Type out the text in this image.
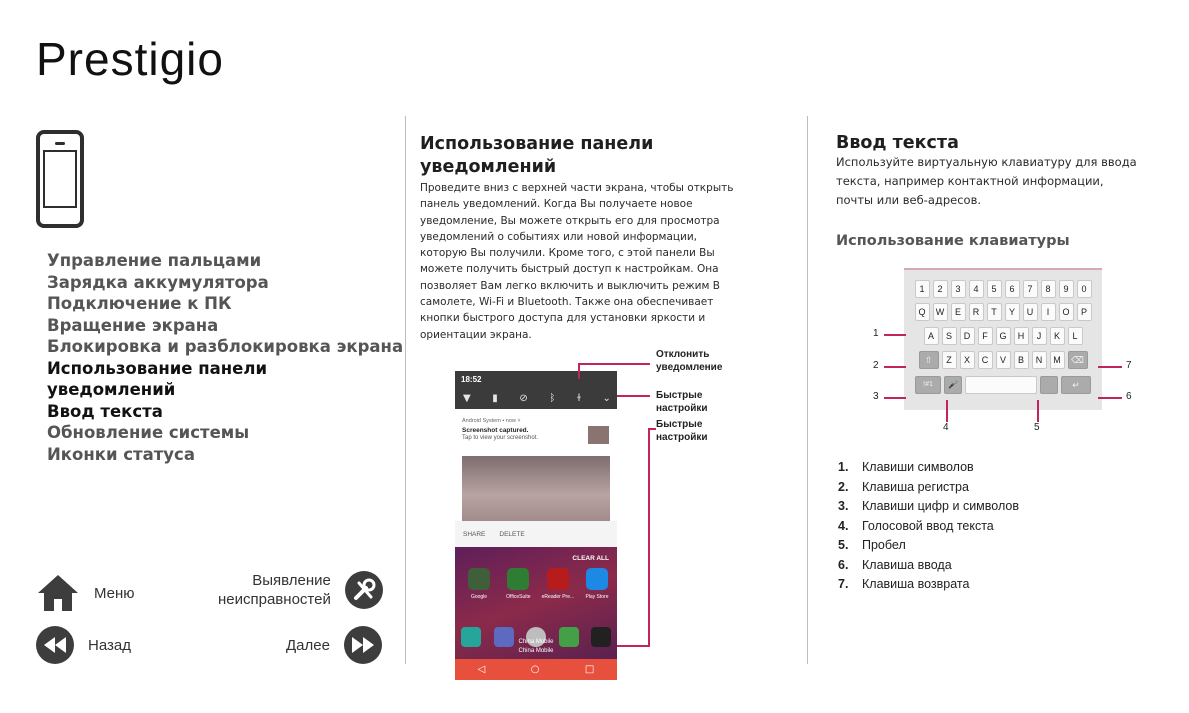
Prestigio
Управление пальцами
Зарядка аккумулятора
Подключение к ПК
Вращение экрана
Блокировка и разблокировка экрана
Использование панели
уведомлений
Ввод текста
Обновление системы
Иконки статуса
Меню
Выявление
неисправностей
Назад	Далее
Использование панели
уведомлений
Проведите вниз с верхней части экрана, чтобы открыть
панель уведомлений. Когда Вы получаете новое
уведомление, Вы можете открыть его для просмотра
уведомлений о событиях или новой информации,
которую Вы получили. Кроме того, с этой панели Вы
можете получить быстрый доступ к настройкам. Она
позволяет Вам легко включить и выключить режим В
самолете, Wi-Fi и Bluetooth. Также она обеспечивает
кнопки быстрого доступа для установки яркости и
ориентации экрана.
18:52
▼ ▮ ⊘ ᛒ ɫ ⌄
Android System • now ˅
Screenshot captured.
Tap to view your screenshot.
SHARE DELETE
CLEAR ALL
Google	OfficeSuite	eReader Pre...	Play Store
China Mobile
China Mobile
◁	○	□
Отклонить
уведомление
Быстрые
настройки
Быстрые
настройки
Ввод текста
Используйте виртуальную клавиатуру для ввода
текста, например контактной информации,
почты или веб-адресов.
Использование клавиатуры
1	2	3	4	5	6	7	8	9	0
Q	W	E	R	T	Y	U	I	O	P
A	S	D	F	G	H	J	K	L
⇧	Z	X	C	V	B	N	M	⌫
!#1	🎤	↵
1
2
3
4	5
6
7
1.	Клавиши символов
2.	Клавиша регистра
3.	Клавиши цифр и символов
4.	Голосовой ввод текста
5.	Пробел
6.	Клавиша ввода
7.	Клавиша возврата
